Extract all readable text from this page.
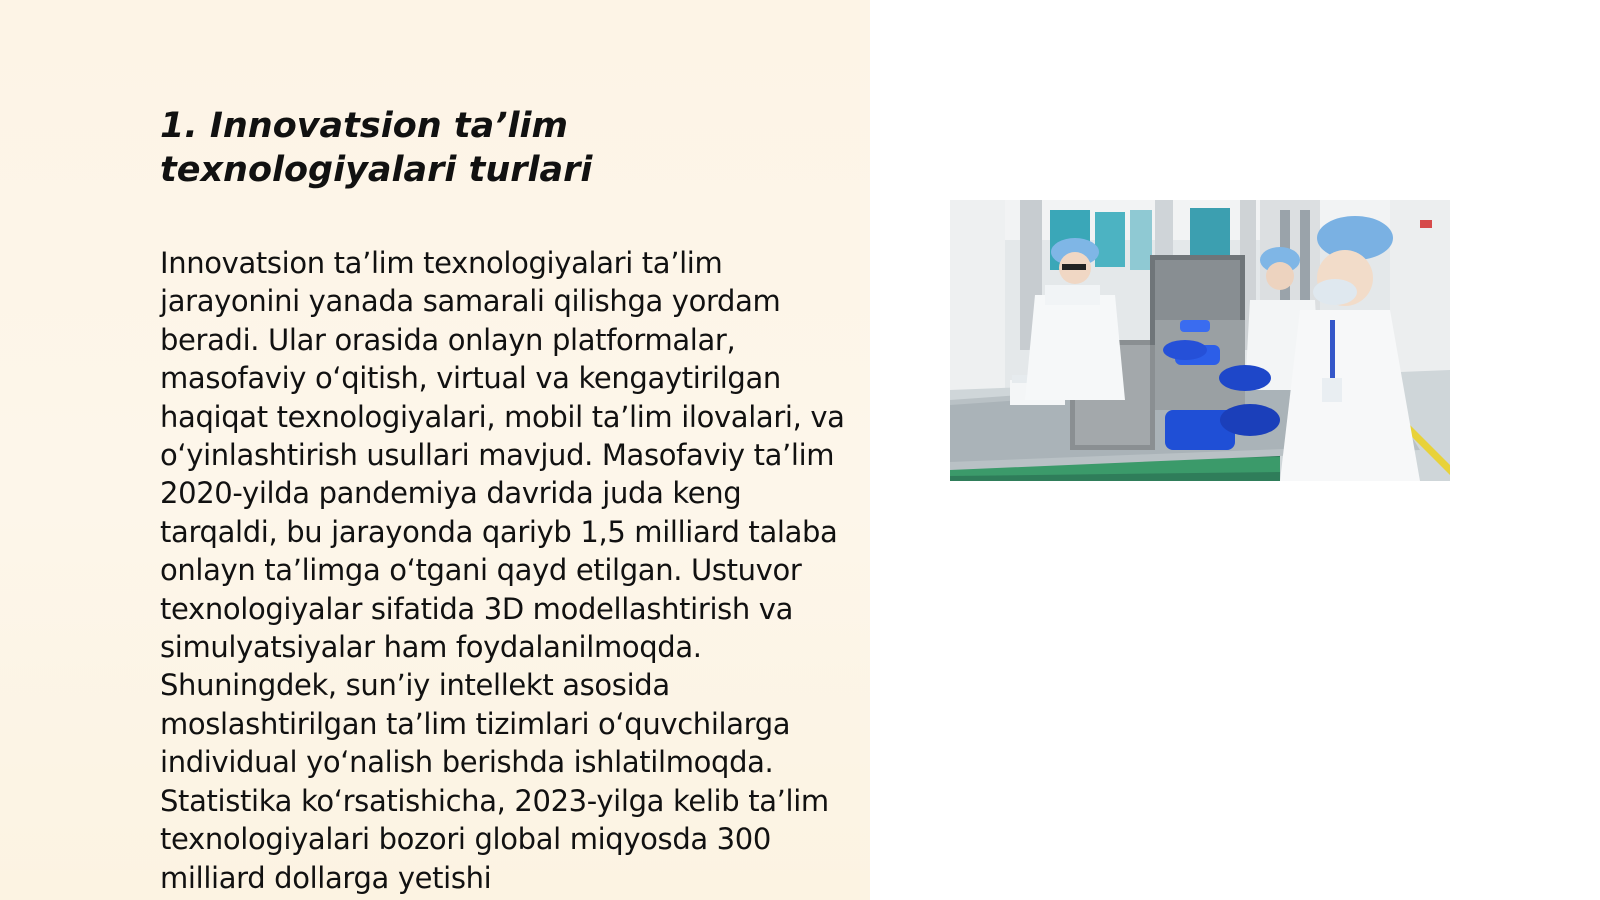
1. Innovatsion ta’lim texnologiyalari turlari

Innovatsion ta’lim texnologiyalari ta’lim jarayonini yanada samarali qilishga yordam beradi. Ular orasida onlayn platformalar, masofaviy o‘qitish, virtual va kengaytirilgan haqiqat texnologiyalari, mobil ta’lim ilovalari, va o‘yinlashtirish usullari mavjud. Masofaviy ta’lim 2020-yilda pandemiya davrida juda keng tarqaldi, bu jarayonda qariyb 1,5 milliard talaba onlayn ta’limga o‘tgani qayd etilgan. Ustuvor texnologiyalar sifatida 3D modellashtirish va simulyatsiyalar ham foydalanilmoqda. Shuningdek, sun’iy intellekt asosida moslashtirilgan ta’lim tizimlari o‘quvchilarga individual yo‘nalish berishda ishlatilmoqda. Statistika ko‘rsatishicha, 2023-yilga kelib ta’lim texnologiyalari bozori global miqyosda 300 milliard dollarga yetishi
